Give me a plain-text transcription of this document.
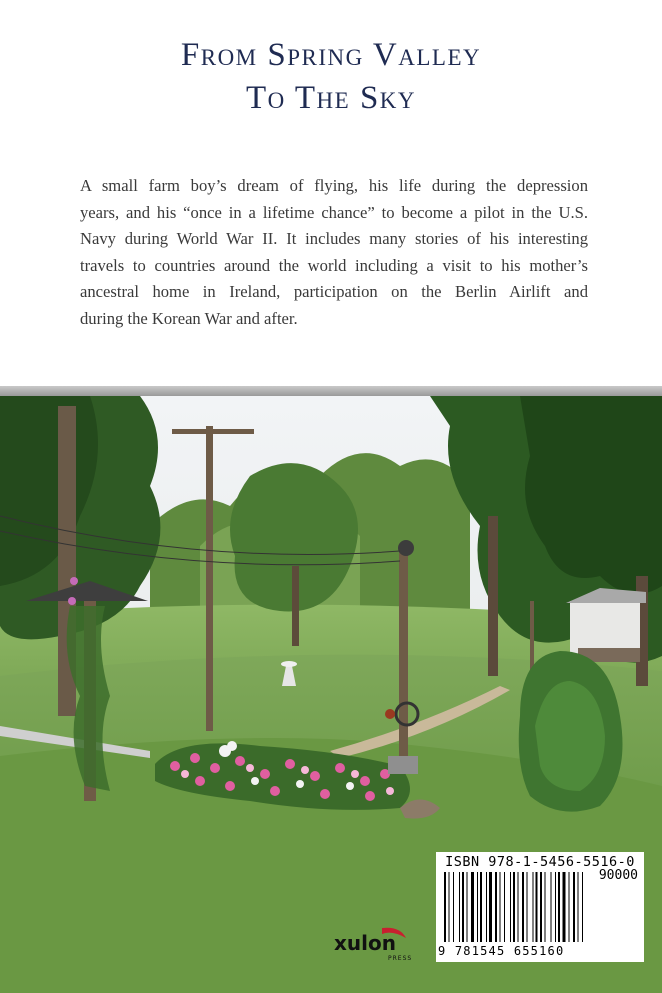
From Spring Valley
To The Sky
A small farm boy’s dream of flying, his life during the depression
years, and his “once in a lifetime chance” to become a pilot in the U.S.
Navy during World War II. It includes many stories of his interesting
travels to countries around the world including a visit to his mother’s
ancestral home in Ireland, participation on the Berlin Airlift and
during the Korean War and after.
ISBN 978-1-5456-5516-0
90000
9 781545 655160
xulon
PRESS
